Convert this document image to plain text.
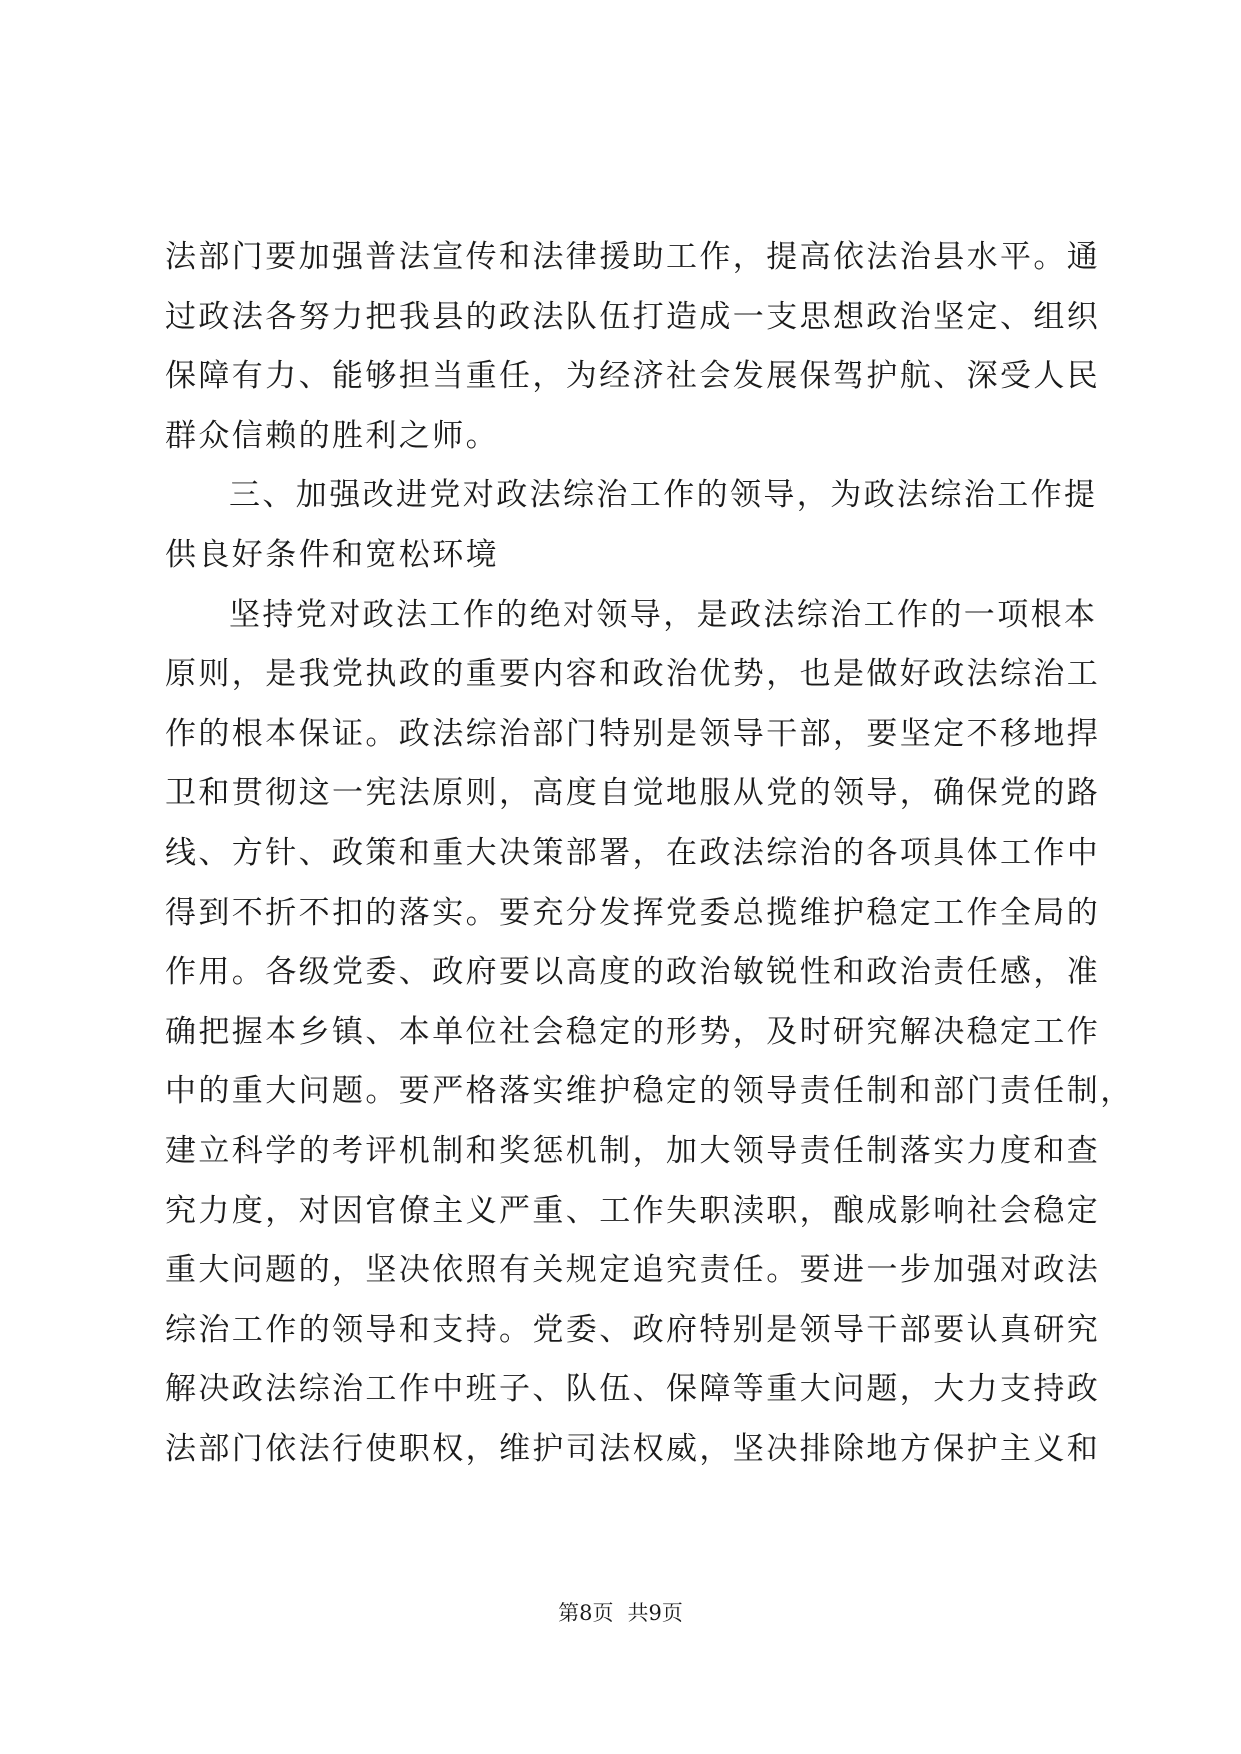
法部门要加强普法宣传和法律援助工作，提高依法治县水平。通
过政法各努力把我县的政法队伍打造成一支思想政治坚定、组织
保障有力、能够担当重任，为经济社会发展保驾护航、深受人民
群众信赖的胜利之师。
三、加强改进党对政法综治工作的领导，为政法综治工作提
供良好条件和宽松环境
坚持党对政法工作的绝对领导，是政法综治工作的一项根本
原则，是我党执政的重要内容和政治优势，也是做好政法综治工
作的根本保证。政法综治部门特别是领导干部，要坚定不移地捍
卫和贯彻这一宪法原则，高度自觉地服从党的领导，确保党的路
线、方针、政策和重大决策部署，在政法综治的各项具体工作中
得到不折不扣的落实。要充分发挥党委总揽维护稳定工作全局的
作用。各级党委、政府要以高度的政治敏锐性和政治责任感，准
确把握本乡镇、本单位社会稳定的形势，及时研究解决稳定工作
中的重大问题。要严格落实维护稳定的领导责任制和部门责任制，
建立科学的考评机制和奖惩机制，加大领导责任制落实力度和查
究力度，对因官僚主义严重、工作失职渎职，酿成影响社会稳定
重大问题的，坚决依照有关规定追究责任。要进一步加强对政法
综治工作的领导和支持。党委、政府特别是领导干部要认真研究
解决政法综治工作中班子、队伍、保障等重大问题，大力支持政
法部门依法行使职权，维护司法权威，坚决排除地方保护主义和
第8页 共9页
